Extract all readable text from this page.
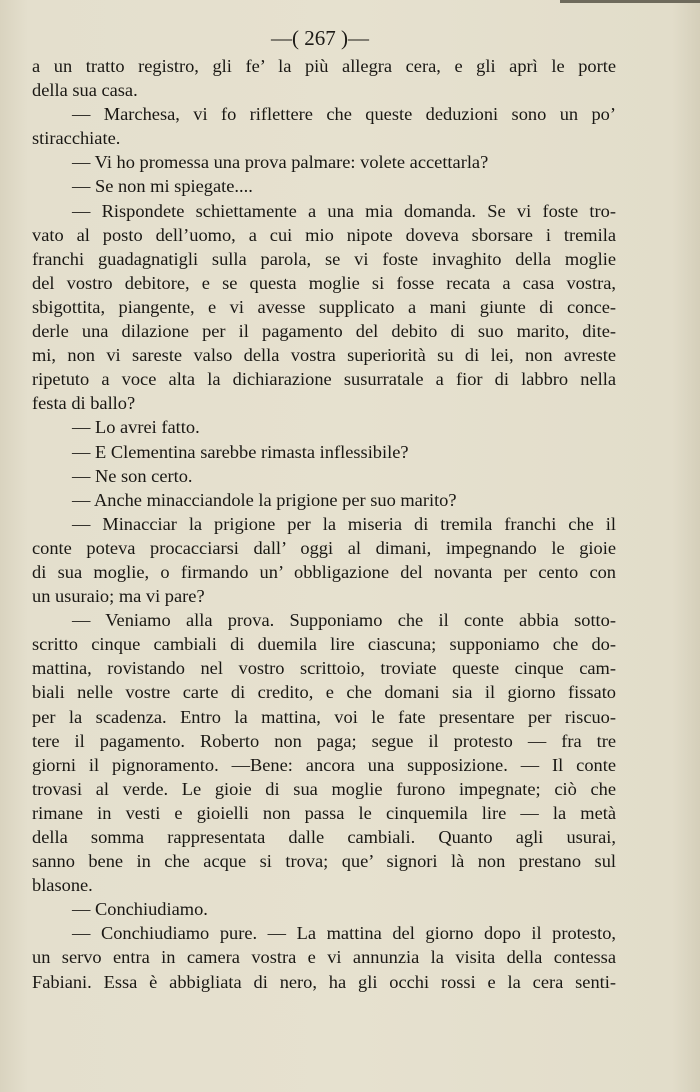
—( 267 )—
a un tratto registro, gli fe’ la più allegra cera, e gli aprì le porte
della sua casa.
— Marchesa, vi fo riflettere che queste deduzioni sono un po’
stiracchiate.
— Vi ho promessa una prova palmare: volete accettarla?
— Se non mi spiegate....
— Rispondete schiettamente a una mia domanda. Se vi foste tro-
vato al posto dell’uomo, a cui mio nipote doveva sborsare i tremila
franchi guadagnatigli sulla parola, se vi foste invaghito della moglie
del vostro debitore, e se questa moglie si fosse recata a casa vostra,
sbigottita, piangente, e vi avesse supplicato a mani giunte di conce-
derle una dilazione per il pagamento del debito di suo marito, dite-
mi, non vi sareste valso della vostra superiorità su di lei, non avreste
ripetuto a voce alta la dichiarazione susurratale a fior di labbro nella
festa di ballo?
— Lo avrei fatto.
— E Clementina sarebbe rimasta inflessibile?
— Ne son certo.
— Anche minacciandole la prigione per suo marito?
— Minacciar la prigione per la miseria di tremila franchi che il
conte poteva procacciarsi dall’ oggi al dimani, impegnando le gioie
di sua moglie, o firmando un’ obbligazione del novanta per cento con
un usuraio; ma vi pare?
— Veniamo alla prova. Supponiamo che il conte abbia sotto-
scritto cinque cambiali di duemila lire ciascuna; supponiamo che do-
mattina, rovistando nel vostro scrittoio, troviate queste cinque cam-
biali nelle vostre carte di credito, e che domani sia il giorno fissato
per la scadenza. Entro la mattina, voi le fate presentare per riscuo-
tere il pagamento. Roberto non paga; segue il protesto — fra tre
giorni il pignoramento. —Bene: ancora una supposizione. — Il conte
trovasi al verde. Le gioie di sua moglie furono impegnate; ciò che
rimane in vesti e gioielli non passa le cinquemila lire — la metà
della somma rappresentata dalle cambiali. Quanto agli usurai,
sanno bene in che acque si trova; que’ signori là non prestano sul
blasone.
— Conchiudiamo.
— Conchiudiamo pure. — La mattina del giorno dopo il protesto,
un servo entra in camera vostra e vi annunzia la visita della contessa
Fabiani. Essa è abbigliata di nero, ha gli occhi rossi e la cera senti-
